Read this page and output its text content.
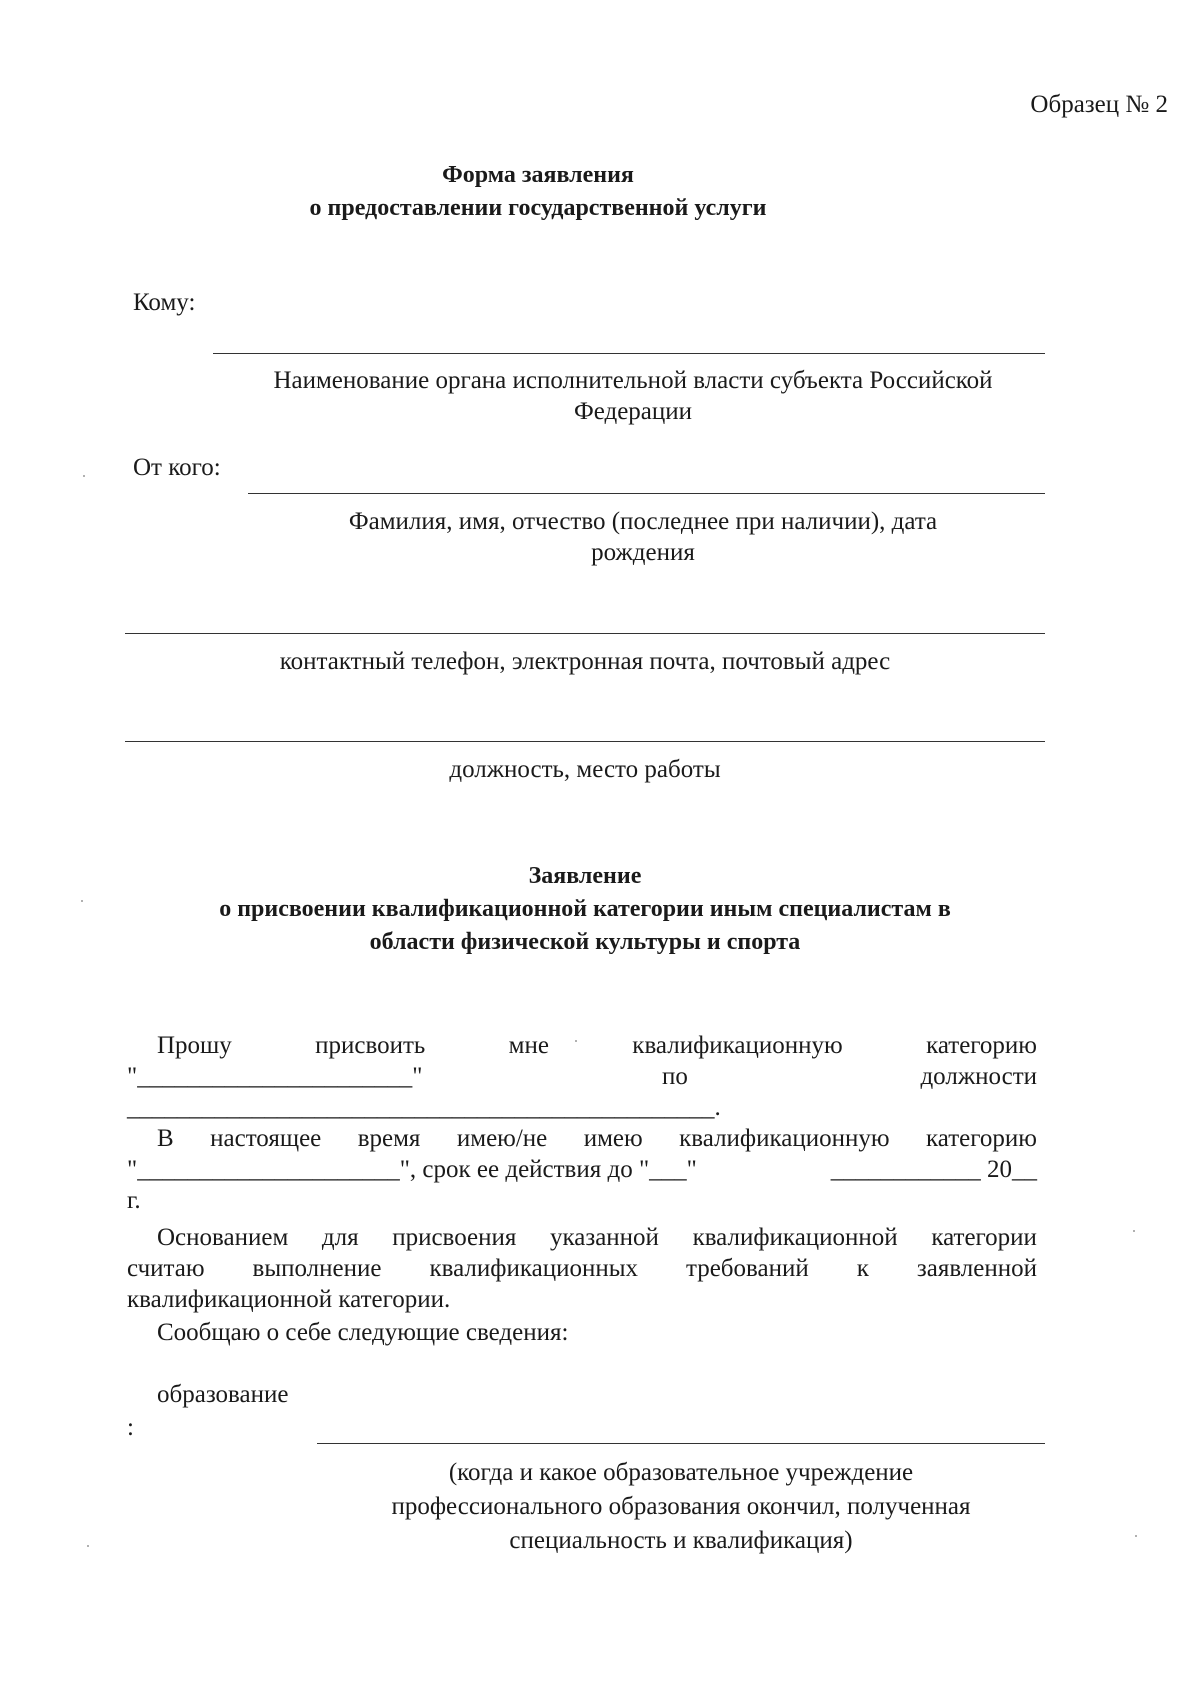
Образец № 2
Форма заявления
о предоставлении государственной услуги
Кому:
Наименование органа исполнительной власти субъекта Российской
Федерации
От кого:
Фамилия, имя, отчество (последнее при наличии), дата
рождения
контактный телефон, электронная почта, почтовый адрес
должность, место работы
Заявление
о присвоении квалификационной категории иным специалистам в
области физической культуры и спорта
Прошу	присвоить	мне	квалификационную	категорию
"______________________"	по	должности
_______________________________________________.
В настоящее время имею/не имею квалификационную категорию
"_____________________", срок ее действия до "___"	____________ 20__
г.
Основанием для присвоения указанной квалификационной категории
считаю выполнение квалификационных требований к заявленной
квалификационной категории.
Сообщаю о себе следующие сведения:
образование
:
(когда и какое образовательное учреждение
профессионального образования окончил, полученная
специальность и квалификация)
